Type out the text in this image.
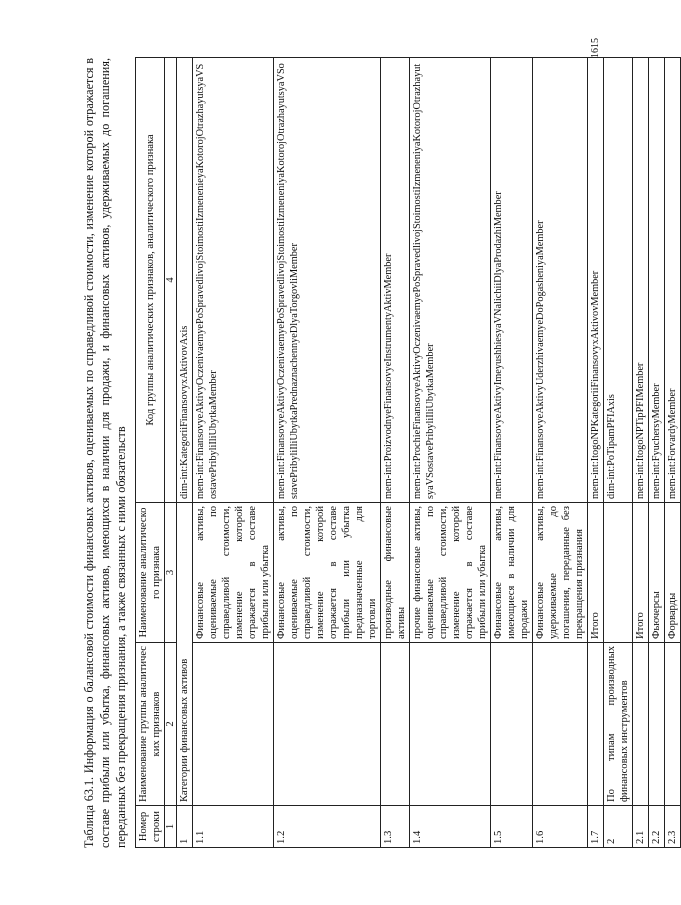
1615
Таблица 63.1. Информация о балансовой стоимости финансовых активов, оцениваемых по справедливой стоимости, изменение которой отражается в составе прибыли или убытка, финансовых активов, имеющихся в наличии для продажи, и финансовых активов, удерживаемых до погашения, переданных без прекращения признания, а также связанных с ними обязательств Номер строки	Наименование группы аналитических признаков	Наименование аналитического признака	Код группы аналитических признаков, аналитического признака
1	2	3	4
1	Категории финансовых активов		dim-int:KategoriiFinansovyxAktivovAxis
1.1		Финансовые активы, оцениваемые по справедливой стоимости, изменение которой отражается в составе прибыли или убытка	mem-int:FinansovyeAktivyOczenivaemyePoSpravedlivojStoimostiIzmenenieyaKotorojOtrazhayutsyaVSostavePribyliIliUbytkaMember
1.2		Финансовые активы, оцениваемые по справедливой стоимости, изменение которой отражается в составе прибыли или убытка предназначенные для торговли	mem-int:FinansovyeAktivyOczenivaemyePoSpravedlivojStoimostiIzmeneniyaKotorojOtrazhayutsyaVSostavePribyliIliUbytkaPrednaznachennyeDlyaTorgovliMember
1.3		производные финансовые активы	mem-int:ProizvodnyeFinansovyeInstrumentyAktivMember
1.4		прочие финансовые активы, оцениваемые по справедливой стоимости, изменение которой отражается в составе прибыли или убытка	mem-int:ProchieFinansovyeAktivyOczenivaemyePoSpravedlivojStoimostiIzmeneniyaKotorojOtrazhayutsyaVSostavePribyliIliUbytkaMember
1.5		Финансовые активы, имеющиеся в наличии для продажи	mem-int:FinansovyeAktivyImeyushhiesyaVNalichiiDlyaProdazhiMember
1.6		Финансовые активы, удерживаемые до погашения, переданные без прекращения признания	mem-int:FinansovyeAktivyUderzhivaemyeDoPogasheniyaMember
1.7		Итого	mem-int:ItogoNPKategoriiFinansovyxAktivovMember
2	По типам производных финансовых инструментов		dim-int:PoTipamPFIAxis
2.1		Итого	mem-int:ItogoNPTipPFIMember
2.2		Фьючерсы	mem-int:FyuchersyMember
2.3		Форварды	mem-int:ForvardyMember
